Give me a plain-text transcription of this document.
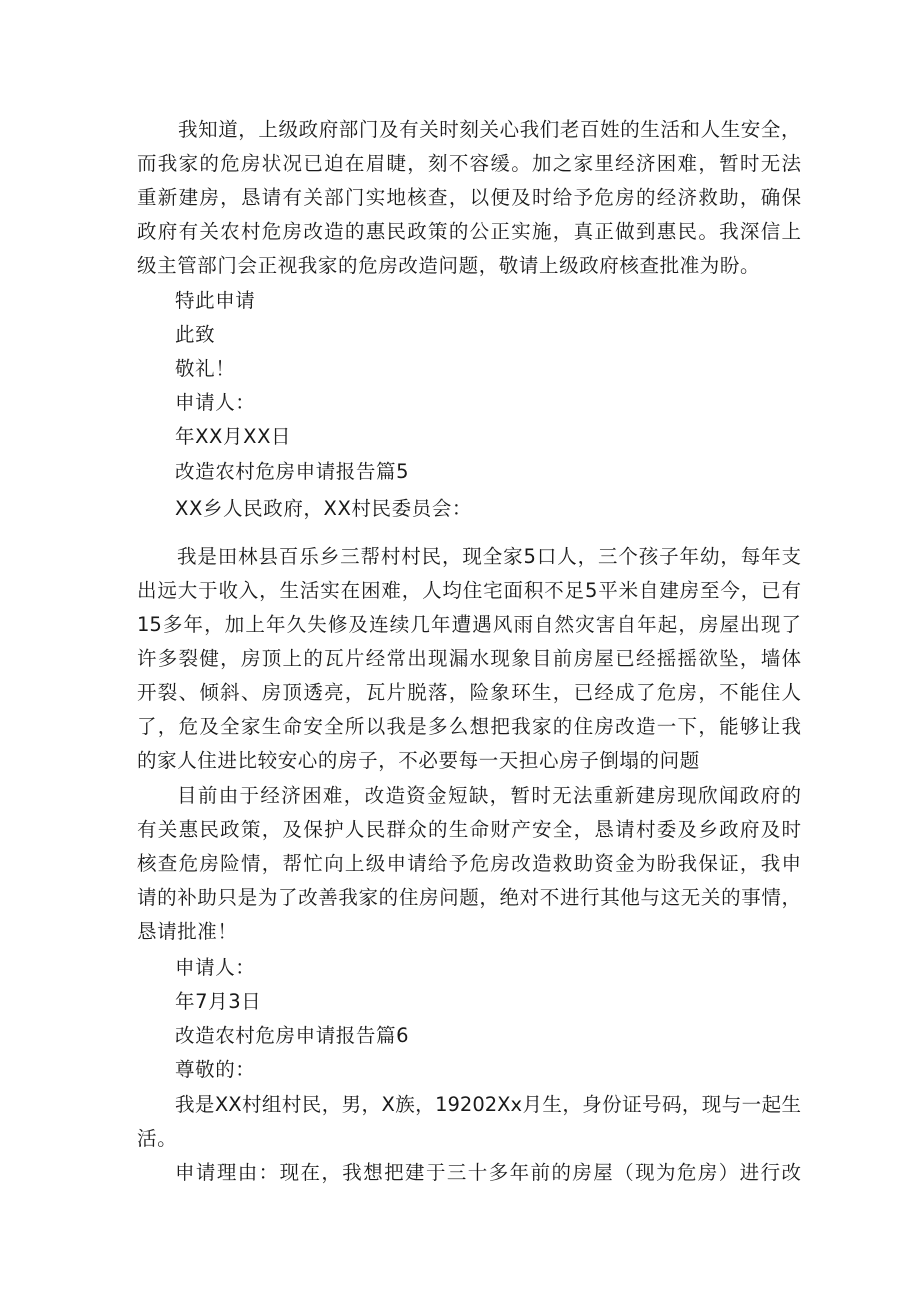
我知道，上级政府部门及有关时刻关心我们老百姓的生活和人生安全，
而我家的危房状况已迫在眉睫，刻不容缓。加之家里经济困难，暂时无法
重新建房，恳请有关部门实地核查，以便及时给予危房的经济救助，确保
政府有关农村危房改造的惠民政策的公正实施，真正做到惠民。我深信上
级主管部门会正视我家的危房改造问题，敬请上级政府核查批准为盼。
特此申请
此致
敬礼！
申请人：
年XX月XX日
改造农村危房申请报告篇5
XX乡人民政府，XX村民委员会：
我是田林县百乐乡三帮村村民，现全家5口人，三个孩子年幼，每年支
出远大于收入，生活实在困难，人均住宅面积不足5平米自建房至今，已有
15多年，加上年久失修及连续几年遭遇风雨自然灾害自年起，房屋出现了
许多裂健，房顶上的瓦片经常出现漏水现象目前房屋已经摇摇欲坠，墙体
开裂、倾斜、房顶透亮，瓦片脱落，险象环生，已经成了危房，不能住人
了，危及全家生命安全所以我是多么想把我家的住房改造一下，能够让我
的家人住进比较安心的房子，不必要每一天担心房子倒塌的问题
目前由于经济困难，改造资金短缺，暂时无法重新建房现欣闻政府的
有关惠民政策，及保护人民群众的生命财产安全，恳请村委及乡政府及时
核查危房险情，帮忙向上级申请给予危房改造救助资金为盼我保证，我申
请的补助只是为了改善我家的住房问题，绝对不进行其他与这无关的事情，
恳请批准！
申请人：
年7月3日
改造农村危房申请报告篇6
尊敬的：
我是XX村组村民，男，X族，19202Xx月生，身份证号码，现与一起生
活。
申请理由：现在，我想把建于三十多年前的房屋（现为危房）进行改
